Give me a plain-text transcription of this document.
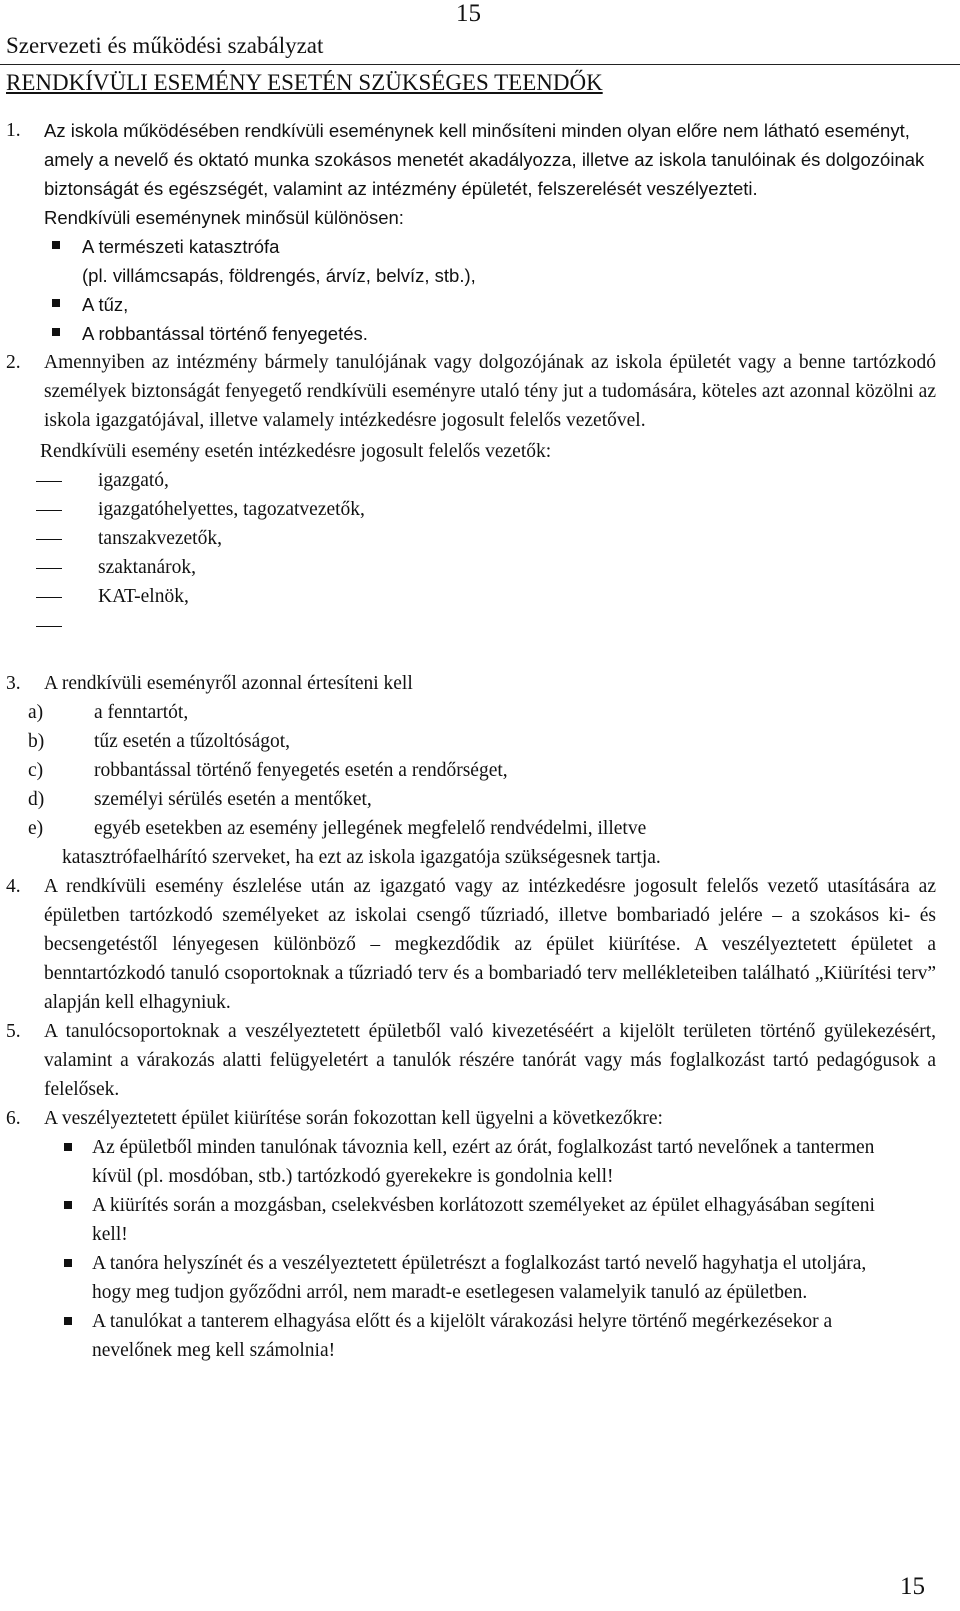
15
Szervezeti és működési szabályzat
RENDKÍVÜLI ESEMÉNY ESETÉN SZÜKSÉGES TEENDŐK
1.	Az iskola működésében rendkívüli eseménynek kell minősíteni minden olyan előre nem látható eseményt, amely a nevelő és oktató munka szokásos menetét akadályozza, illetve az iskola tanulóinak és dolgozóinak biztonságát és egészségét, valamint az intézmény épületét, felszerelését veszélyezteti.
Rendkívüli eseménynek minősül különösen:
A természeti katasztrófa
(pl. villámcsapás, földrengés, árvíz, belvíz, stb.),
A tűz,
A robbantással történő fenyegetés.
2.	Amennyiben az intézmény bármely tanulójának vagy dolgozójának az iskola épületét vagy a benne tartózkodó személyek biztonságát fenyegető rendkívüli eseményre utaló tény jut a tudomására, köteles azt azonnal közölni az iskola igazgatójával, illetve valamely intézkedésre jogosult felelős vezetővel.
Rendkívüli esemény esetén intézkedésre jogosult felelős vezetők:
igazgató,
igazgatóhelyettes, tagozatvezetők,
tanszakvezetők,
szaktanárok,
KAT-elnök,
3.	A rendkívüli eseményről azonnal értesíteni kell
a)	a fenntartót,
b)	tűz esetén a tűzoltóságot,
c)	robbantással történő fenyegetés esetén a rendőrséget,
d)	személyi sérülés esetén a mentőket,
e)	egyéb esetekben az esemény jellegének megfelelő rendvédelmi, illetve
katasztrófaelhárító szerveket, ha ezt az iskola igazgatója szükségesnek tartja.
4.	A rendkívüli esemény észlelése után az igazgató vagy az intézkedésre jogosult felelős vezető utasítására az épületben tartózkodó személyeket az iskolai csengő tűzriadó, illetve bombariadó jelére – a szokásos ki- és becsengetéstől lényegesen különböző – megkezdődik az épület kiürítése. A veszélyeztetett épületet a benntartózkodó tanuló csoportoknak a tűzriadó terv és a bombariadó terv mellékleteiben található „Kiürítési terv” alapján kell elhagyniuk.
5.	A tanulócsoportoknak a veszélyeztetett épületből való kivezetéséért a kijelölt területen történő gyülekezésért, valamint a várakozás alatti felügyeletért a tanulók részére tanórát vagy más foglalkozást tartó pedagógusok a felelősek.
6.	A veszélyeztetett épület kiürítése során fokozottan kell ügyelni a következőkre:
Az épületből minden tanulónak távoznia kell, ezért az órát, foglalkozást tartó nevelőnek a tantermen kívül (pl. mosdóban, stb.) tartózkodó gyerekekre is gondolnia kell!
A kiürítés során a mozgásban, cselekvésben korlátozott személyeket az épület elhagyásában segíteni kell!
A tanóra helyszínét és a veszélyeztetett épületrészt a foglalkozást tartó nevelő hagyhatja el utoljára, hogy meg tudjon győződni arról, nem maradt-e esetlegesen valamelyik tanuló az épületben.
A tanulókat a tanterem elhagyása előtt és a kijelölt várakozási helyre történő megérkezésekor a nevelőnek meg kell számolnia!
15
